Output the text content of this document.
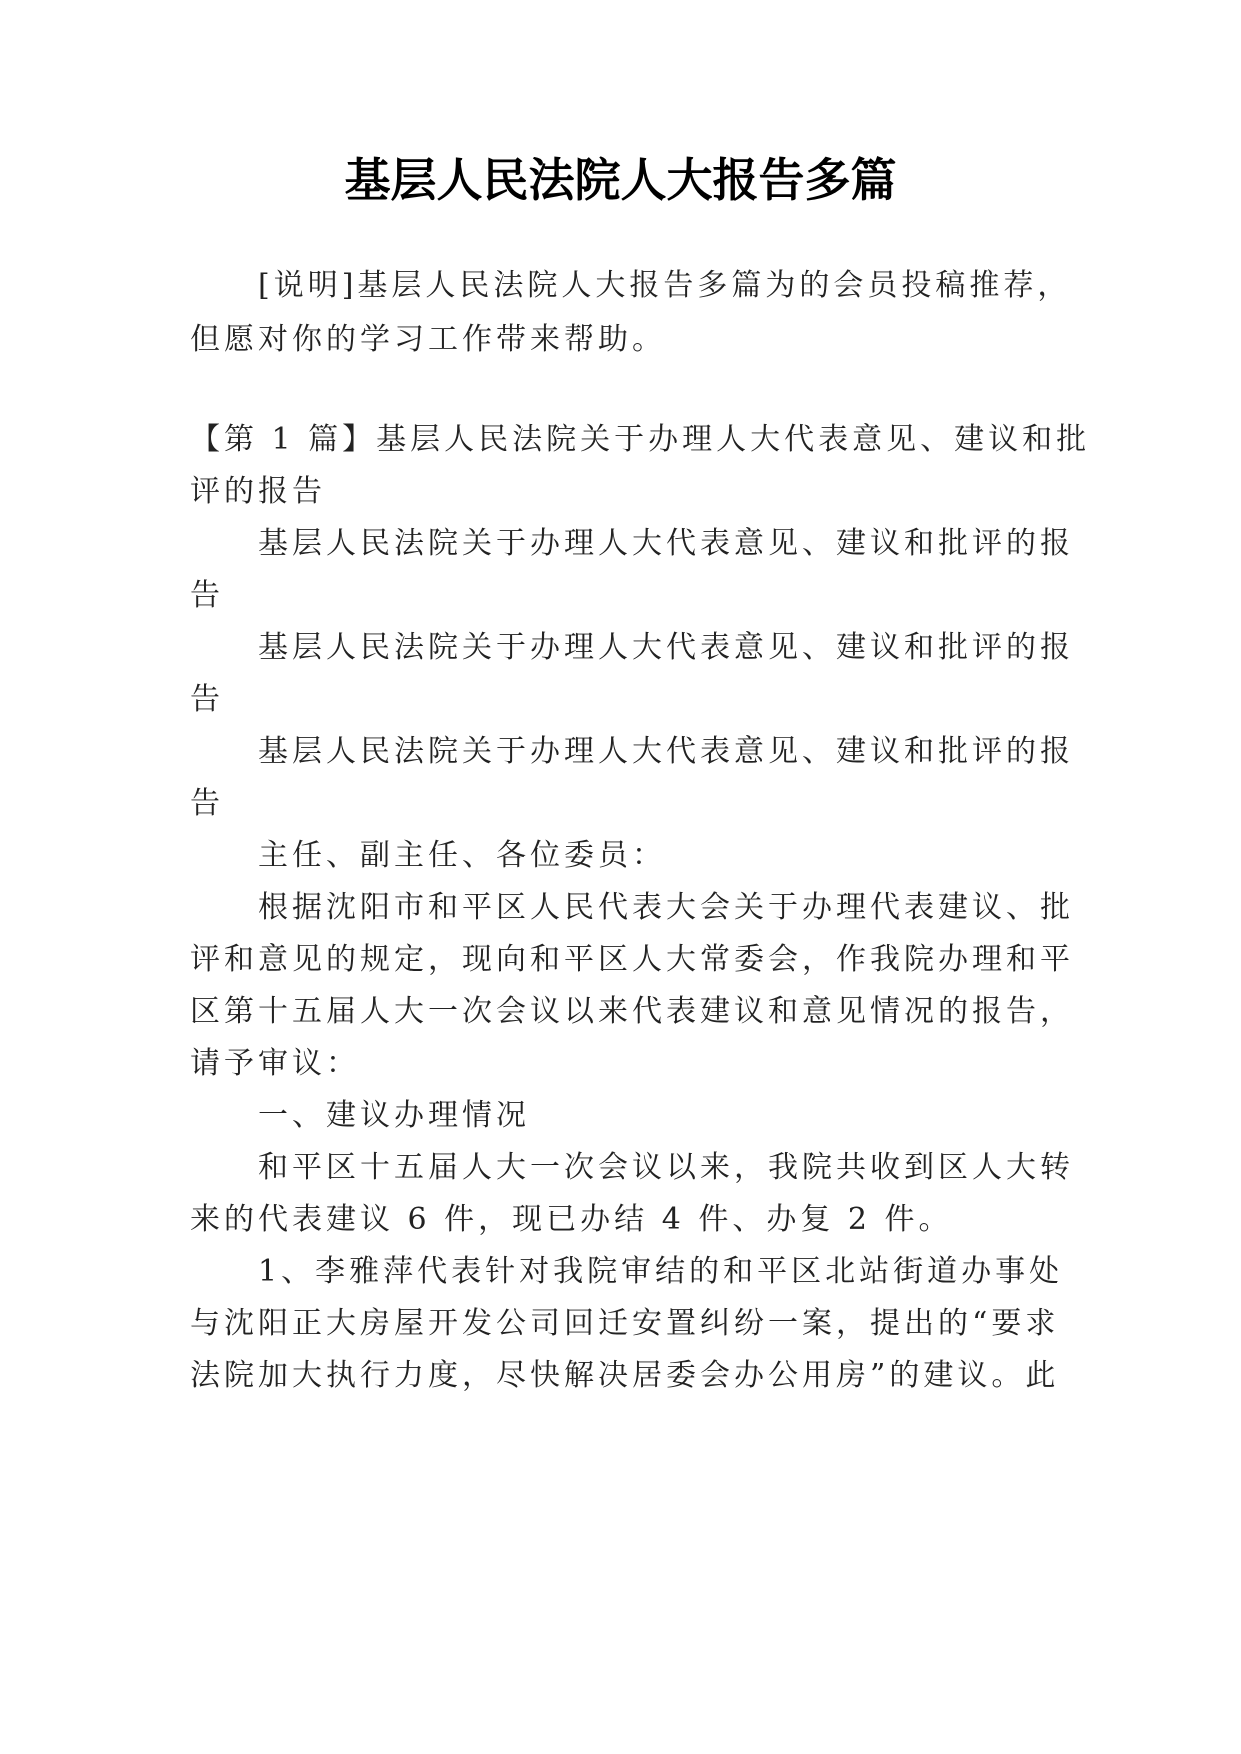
基层人民法院人大报告多篇
[说明]基层人民法院人大报告多篇为的会员投稿推荐，
但愿对你的学习工作带来帮助。
【第 1 篇】基层人民法院关于办理人大代表意见、建议和批
评的报告
基层人民法院关于办理人大代表意见、建议和批评的报
告
基层人民法院关于办理人大代表意见、建议和批评的报
告
基层人民法院关于办理人大代表意见、建议和批评的报
告
主任、副主任、各位委员：
根据沈阳市和平区人民代表大会关于办理代表建议、批
评和意见的规定，现向和平区人大常委会，作我院办理和平
区第十五届人大一次会议以来代表建议和意见情况的报告，
请予审议：
一、建议办理情况
和平区十五届人大一次会议以来，我院共收到区人大转
来的代表建议 6 件，现已办结 4 件、办复 2 件。
1、李雅萍代表针对我院审结的和平区北站街道办事处
与沈阳正大房屋开发公司回迁安置纠纷一案，提出的“要求
法院加大执行力度，尽快解决居委会办公用房”的建议。此
